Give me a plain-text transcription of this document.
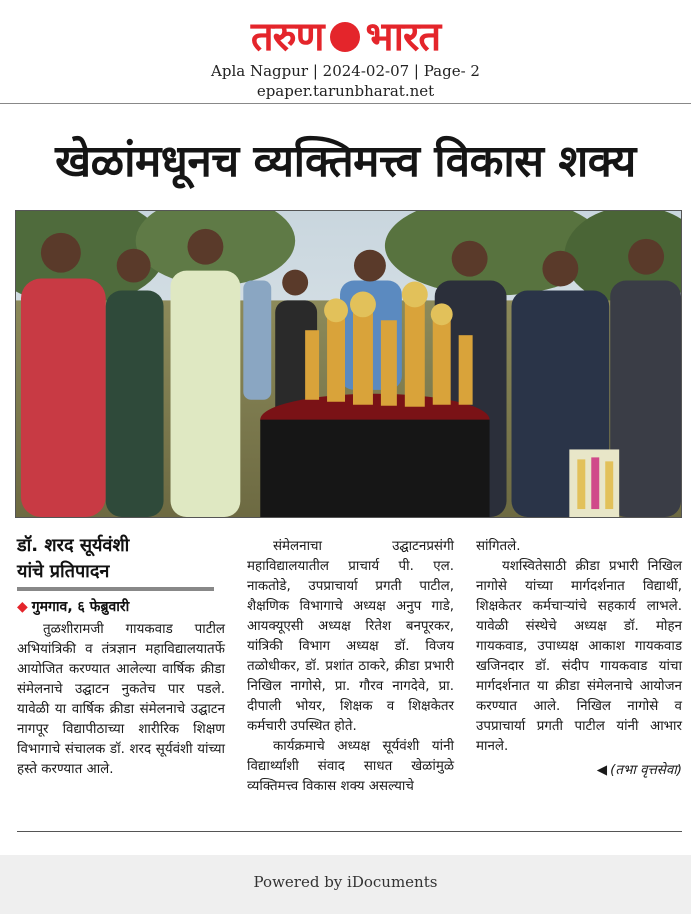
तरुण भारत
Apla Nagpur | 2024-02-07 | Page- 2
epaper.tarunbharat.net
खेळांमधूनच व्यक्तिमत्त्व विकास शक्य
डॉ. शरद सूर्यवंशी
यांचे प्रतिपादन
◆ गुमगाव, ६ फेब्रुवारी

तुळशीरामजी गायकवाड पाटील अभियांत्रिकी व तंत्रज्ञान महाविद्यालयातर्फे आयोजित करण्यात आलेल्या वार्षिक क्रीडा संमेलनाचे उद्घाटन नुकतेच पार पडले. यावेळी या वार्षिक क्रीडा संमेलनाचे उद्घाटन नागपूर विद्यापीठाच्या शारीरिक शिक्षण विभागाचे संचालक डॉ. शरद सूर्यवंशी यांच्या हस्ते करण्यात आले.

संमेलनाचा उद्घाटनप्रसंगी महाविद्यालयातील प्राचार्य पी. एल. नाकतोडे, उपप्राचार्या प्रगती पाटील, शैक्षणिक विभागाचे अध्यक्ष अनुप गाडे, आयक्यूएसी अध्यक्ष रितेश बनपूरकर, यांत्रिकी विभाग अध्यक्ष डॉ. विजय तळोधीकर, डॉ. प्रशांत ठाकरे, क्रीडा प्रभारी निखिल नागोसे, प्रा. गौरव नागदेवे, प्रा. दीपाली भोयर, शिक्षक व शिक्षकेतर कर्मचारी उपस्थित होते.

कार्यक्रमाचे अध्यक्ष सूर्यवंशी यांनी विद्यार्थ्यांशी संवाद साधत खेळांमुळे व्यक्तिमत्त्व विकास शक्य असल्याचे

सांगितले.

यशस्वितेसाठी क्रीडा प्रभारी निखिल नागोसे यांच्या मार्गदर्शनात विद्यार्थी, शिक्षकेतर कर्मचाऱ्यांचे सहकार्य लाभले. यावेळी संस्थेचे अध्यक्ष डॉ. मोहन गायकवाड, उपाध्यक्ष आकाश गायकवाड खजिनदार डॉ. संदीप गायकवाड यांचा मार्गदर्शनात या क्रीडा संमेलनाचे आयोजन करण्यात आले. निखिल नागोसे व उपप्राचार्या प्रगती पाटील यांनी आभार मानले.

◀ (तभा वृत्तसेवा)
Powered by iDocuments
